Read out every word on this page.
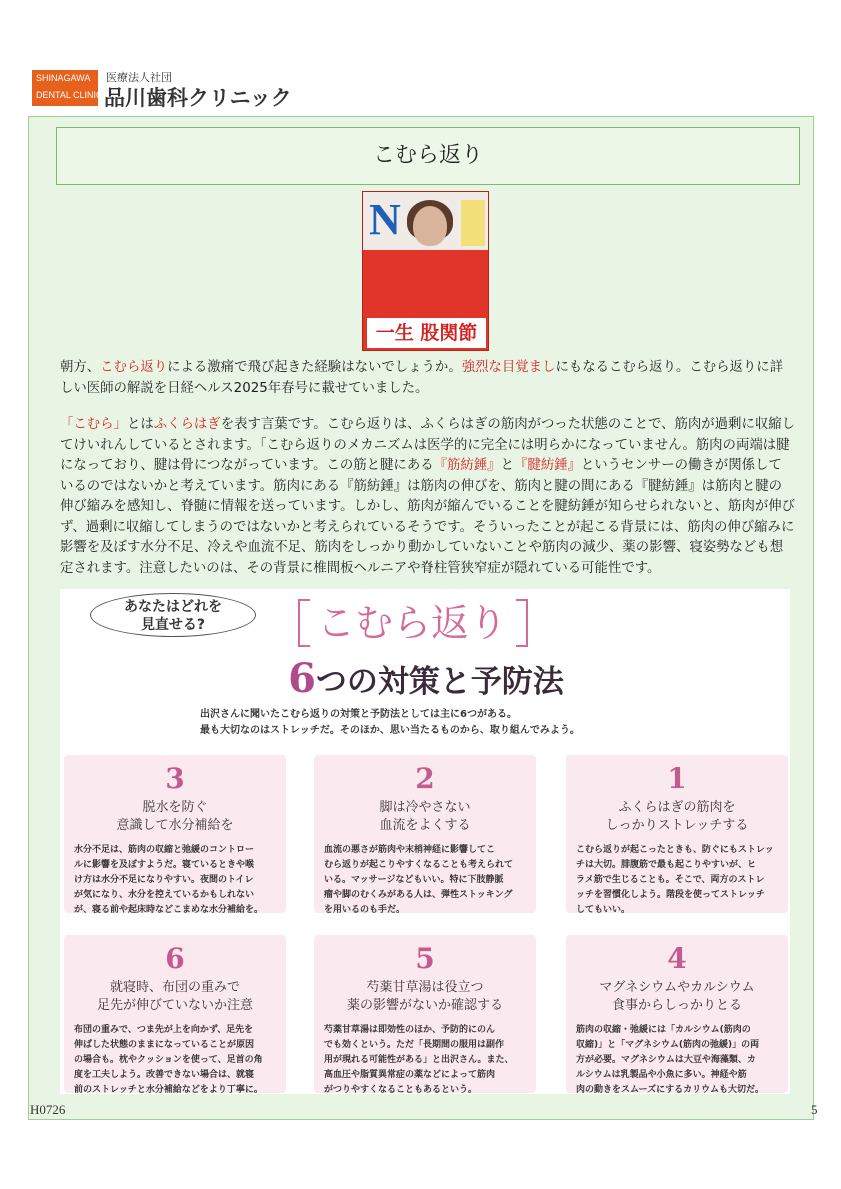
SHINAGAWA
DENTAL CLINIC
医療法人社団
品川歯科クリニック
こむら返り
N
一生 股関節

朝方、こむら返りによる激痛で飛び起きた経験はないでしょうか。強烈な目覚ましにもなるこむら返り。こむら返りに詳しい医師の解説を日経ヘルス2025年春号に載せていました。

「こむら」とはふくらはぎを表す言葉です。こむら返りは、ふくらはぎの筋肉がつった状態のことで、筋肉が過剰に収縮してけいれんしているとされます。「こむら返りのメカニズムは医学的に完全には明らかになっていません。筋肉の両端は腱になっており、腱は骨につながっています。この筋と腱にある『筋紡錘』と『腱紡錘』というセンサーの働きが関係しているのではないかと考えています。筋肉にある『筋紡錘』は筋肉の伸びを、筋肉と腱の間にある『腱紡錘』は筋肉と腱の伸び縮みを感知し、脊髄に情報を送っています。しかし、筋肉が縮んでいることを腱紡錘が知らせられないと、筋肉が伸びず、過剰に収縮してしまうのではないかと考えられているそうです。そういったことが起こる背景には、筋肉の伸び縮みに影響を及ぼす水分不足、冷えや血流不足、筋肉をしっかり動かしていないことや筋肉の減少、薬の影響、寝姿勢なども想定されます。注意したいのは、その背景に椎間板ヘルニアや脊柱管狭窄症が隠れている可能性です。

あなたはどれを
見直せる?	こむら返り
6つの対策と予防法
出沢さんに聞いたこむら返りの対策と予防法としては主に6つがある。
最も大切なのはストレッチだ。そのほか、思い当たるものから、取り組んでみよう。
3
脱水を防ぐ
意識して水分補給を
水分不足は、筋肉の収縮と弛緩のコントロー
ルに影響を及ぼすようだ。寝ているときや喉
け方は水分不足になりやすい。夜間のトイレ
が気になり、水分を控えているかもしれない
が、寝る前や起床時などこまめな水分補給を。
2
脚は冷やさない
血流をよくする
血流の悪さが筋肉や末梢神経に影響してこ
むら返りが起こりやすくなることも考えられて
いる。マッサージなどもいい。特に下肢静脈
瘤や脚のむくみがある人は、弾性ストッキング
を用いるのも手だ。
1
ふくらはぎの筋肉を
しっかりストレッチする
こむら返りが起こったときも、防ぐにもストレッ
チは大切。腓腹筋で最も起こりやすいが、ヒ
ラメ筋で生じることも。そこで、両方のストレ
ッチを習慣化しよう。階段を使ってストレッチ
してもいい。
6
就寝時、布団の重みで
足先が伸びていないか注意
布団の重みで、つま先が上を向かず、足先を
伸ばした状態のままになっていることが原因
の場合も。枕やクッションを使って、足首の角
度を工夫しよう。改善できない場合は、就寝
前のストレッチと水分補給などをより丁寧に。
5
芍薬甘草湯は役立つ
薬の影響がないか確認する
芍薬甘草湯は即効性のほか、予防的にのん
でも効くという。ただ「長期間の服用は副作
用が現れる可能性がある」と出沢さん。また、
高血圧や脂質異常症の薬などによって筋肉
がつりやすくなることもあるという。
4
マグネシウムやカルシウム
食事からしっかりとる
筋肉の収縮・弛緩には「カルシウム(筋肉の
収縮)」と「マグネシウム(筋肉の弛緩)」の両
方が必要。マグネシウムは大豆や海藻類、カ
ルシウムは乳製品や小魚に多い。神経や筋
肉の動きをスムーズにするカリウムも大切だ。
H0726	5
